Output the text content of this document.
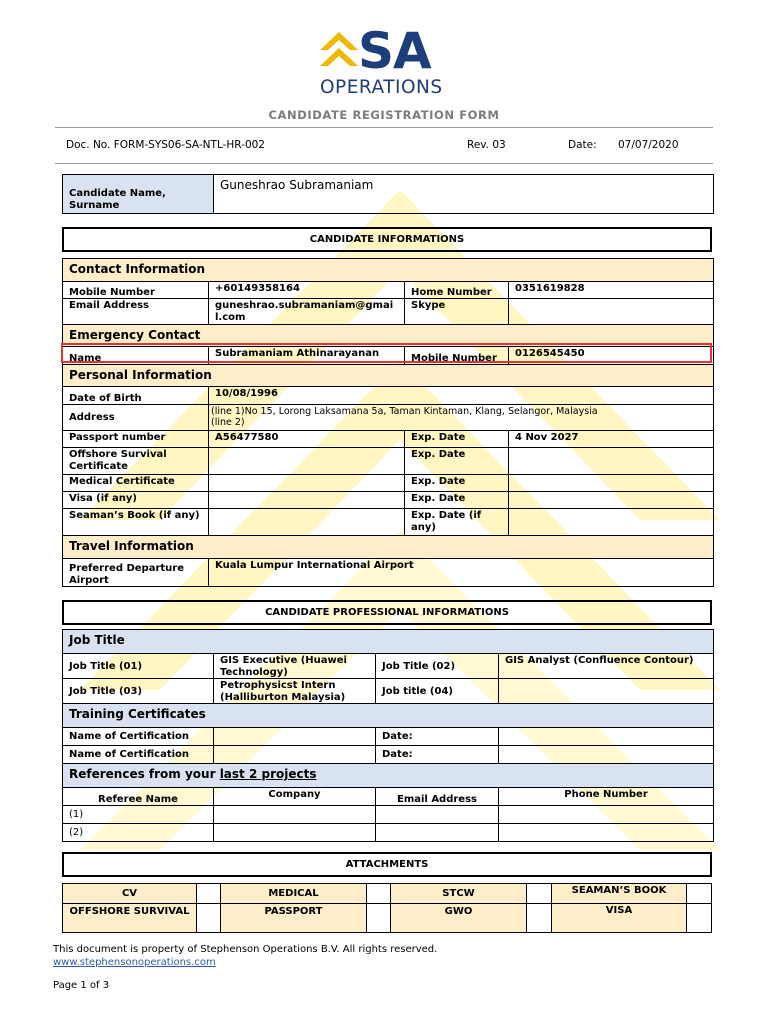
SA
OPERATIONS
CANDIDATE REGISTRATION FORM
Doc. No. FORM-SYS06-SA-NTL-HR-002	Rev. 03	Date: 07/07/2020
Candidate Name, Surname	Guneshrao Subramaniam
CANDIDATE INFORMATIONS
Contact Information			
Mobile Number	+60149358164	Home Number	0351619828
Email Address	guneshrao.subramaniam@gmai l.com	Skype	
Emergency Contact			
Name	Subramaniam Athinarayanan	Mobile Number	0126545450
Personal Information			
Date of Birth	10/08/1996		
Address	(line 1)No 15, Lorong Laksamana 5a, Taman Kintaman, Klang, Selangor, Malaysia
(line 2)		

Passport number	A56477580	Exp. Date	4 Nov 2027
Offshore Survival Certificate		Exp. Date	
Medical Certificate		Exp. Date	
Visa (if any)		Exp. Date	
Seaman’s Book (if any)		Exp. Date (if any)	
Travel Information			
Preferred Departure Airport	Kuala Lumpur International Airport		
CANDIDATE PROFESSIONAL INFORMATIONS
Job Title			
Job Title (01)	GIS Executive (Huawei Technology)	Job Title (02)	GIS Analyst (Confluence Contour)
Job Title (03)	Petrophysicst Intern (Halliburton Malaysia)	Job title (04)	
Training Certificates			
Name of Certification		Date:	
Name of Certification		Date:	
References from your last 2 projects			
Referee Name	Company	Email Address	Phone Number
(1)			
(2)			
ATTACHMENTS
CV		MEDICAL		STCW		SEAMAN’S BOOK	
OFFSHORE SURVIVAL		PASSPORT		GWO		VISA	
This document is property of Stephenson Operations B.V. All rights reserved.
www.stephensonoperations.com
Page 1 of 3
